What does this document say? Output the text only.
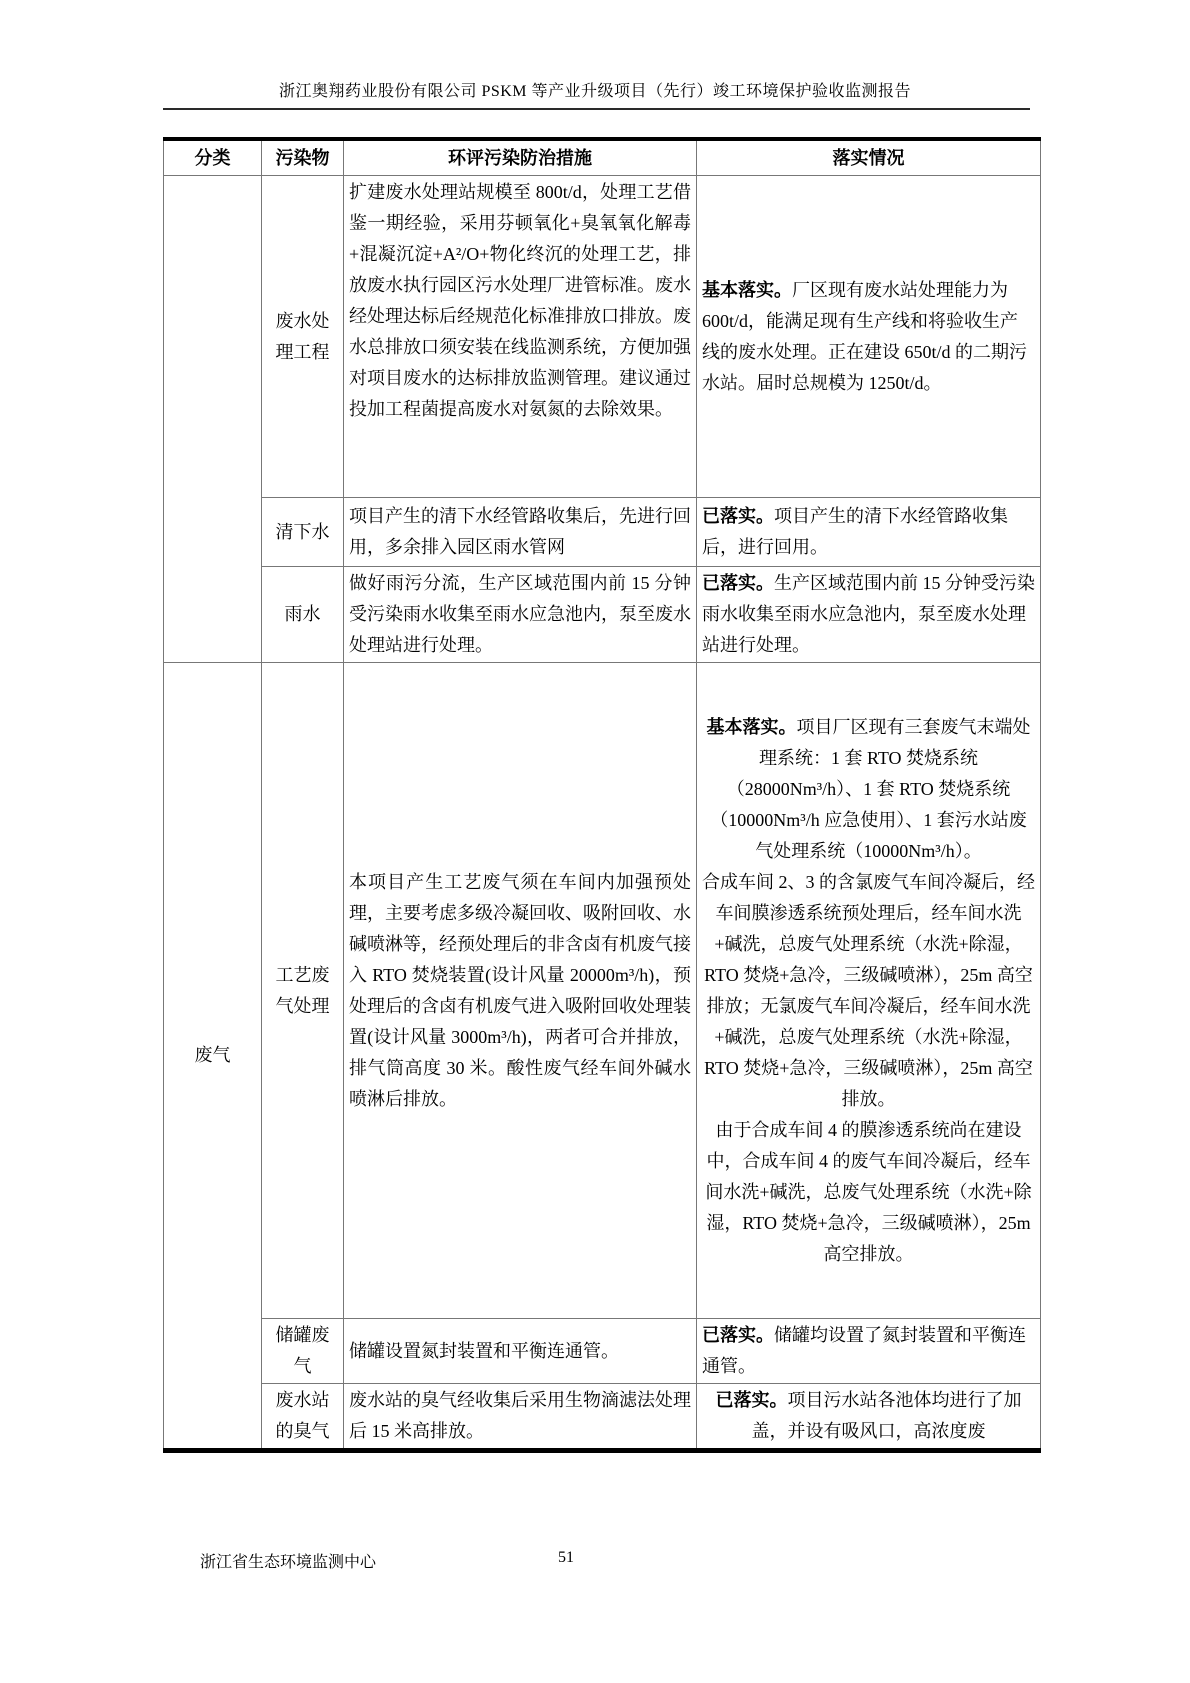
浙江奥翔药业股份有限公司 PSKM 等产业升级项目（先行）竣工环境保护验收监测报告
分类	污染物	环评污染防治措施	落实情况
	废水处理工程	扩建废水处理站规模至 800t/d，处理工艺借鉴一期经验，采用芬顿氧化+臭氧氧化解毒+混凝沉淀+A²/O+物化终沉的处理工艺，排放废水执行园区污水处理厂进管标准。废水经处理达标后经规范化标准排放口排放。废水总排放口须安装在线监测系统，方便加强对项目废水的达标排放监测管理。建议通过投加工程菌提高废水对氨氮的去除效果。	基本落实。厂区现有废水站处理能力为 600t/d，能满足现有生产线和将验收生产线的废水处理。正在建设 650t/d 的二期污水站。届时总规模为 1250t/d。
	清下水	项目产生的清下水经管路收集后，先进行回用，多余排入园区雨水管网	已落实。项目产生的清下水经管路收集后，进行回用。
	雨水	做好雨污分流，生产区域范围内前 15 分钟受污染雨水收集至雨水应急池内，泵至废水处理站进行处理。	已落实。生产区域范围内前 15 分钟受污染雨水收集至雨水应急池内，泵至废水处理站进行处理。
废气	工艺废气处理	本项目产生工艺废气须在车间内加强预处理，主要考虑多级冷凝回收、吸附回收、水碱喷淋等，经预处理后的非含卤有机废气接入 RTO 焚烧装置(设计风量 20000m³/h)，预处理后的含卤有机废气进入吸附回收处理装置(设计风量 3000m³/h)，两者可合并排放，排气筒高度 30 米。酸性废气经车间外碱水喷淋后排放。	基本落实。项目厂区现有三套废气末端处理系统：1 套 RTO 焚烧系统（28000Nm³/h）、1 套 RTO 焚烧系统（10000Nm³/h 应急使用）、1 套污水站废气处理系统（10000Nm³/h）。

合成车间 2、3 的含氯废气车间冷凝后，经车间膜渗透系统预处理后，经车间水洗+碱洗，总废气处理系统（水洗+除湿，RTO 焚烧+急冷，三级碱喷淋），25m 高空排放；无氯废气车间冷凝后，经车间水洗+碱洗，总废气处理系统（水洗+除湿，RTO 焚烧+急冷，三级碱喷淋），25m 高空排放。

由于合成车间 4 的膜渗透系统尚在建设中，合成车间 4 的废气车间冷凝后，经车间水洗+碱洗，总废气处理系统（水洗+除湿，RTO 焚烧+急冷，三级碱喷淋），25m 高空排放。

	储罐废气	储罐设置氮封装置和平衡连通管。	已落实。储罐均设置了氮封装置和平衡连通管。
	废水站的臭气	废水站的臭气经收集后采用生物滴滤法处理后 15 米高排放。	已落实。项目污水站各池体均进行了加盖，并设有吸风口，高浓度废
浙江省生态环境监测中心	51
